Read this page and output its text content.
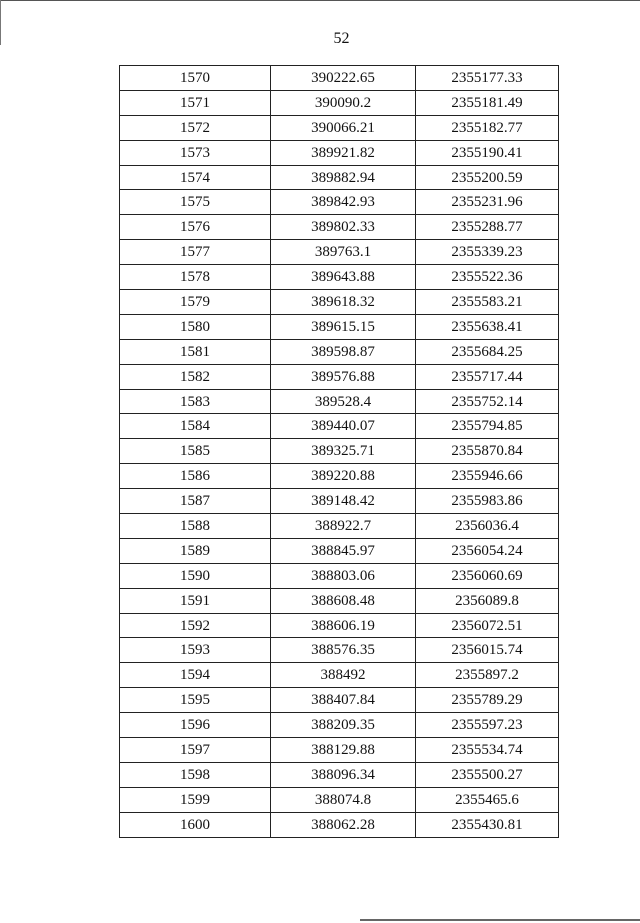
52
1570	390222.65	2355177.33
1571	390090.2	2355181.49
1572	390066.21	2355182.77
1573	389921.82	2355190.41
1574	389882.94	2355200.59
1575	389842.93	2355231.96
1576	389802.33	2355288.77
1577	389763.1	2355339.23
1578	389643.88	2355522.36
1579	389618.32	2355583.21
1580	389615.15	2355638.41
1581	389598.87	2355684.25
1582	389576.88	2355717.44
1583	389528.4	2355752.14
1584	389440.07	2355794.85
1585	389325.71	2355870.84
1586	389220.88	2355946.66
1587	389148.42	2355983.86
1588	388922.7	2356036.4
1589	388845.97	2356054.24
1590	388803.06	2356060.69
1591	388608.48	2356089.8
1592	388606.19	2356072.51
1593	388576.35	2356015.74
1594	388492	2355897.2
1595	388407.84	2355789.29
1596	388209.35	2355597.23
1597	388129.88	2355534.74
1598	388096.34	2355500.27
1599	388074.8	2355465.6
1600	388062.28	2355430.81
